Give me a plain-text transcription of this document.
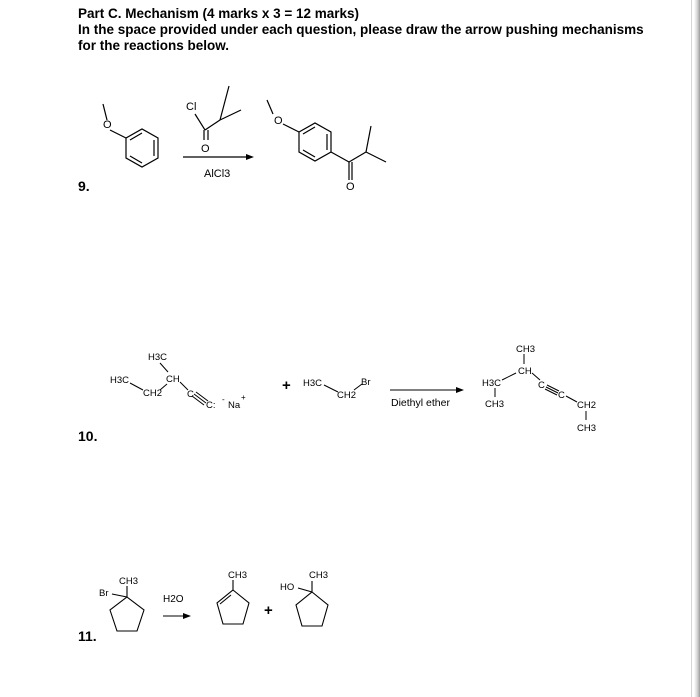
Part C. Mechanism (4 marks x 3 = 12 marks)
In the space provided under each question, please draw the arrow pushing mechanisms
for the reactions below.
9.
O
Cl
O
AlCl3
O
O
10.
H3C
CH
H3C
CH2	C
C:
-
Na
+
+ H3C
CH2
Br
Diethyl ether
CH3
CH
H3C
CH3
C
C
CH2
CH3
11.
CH3
Br
H2O
CH3
+
CH3
HO
